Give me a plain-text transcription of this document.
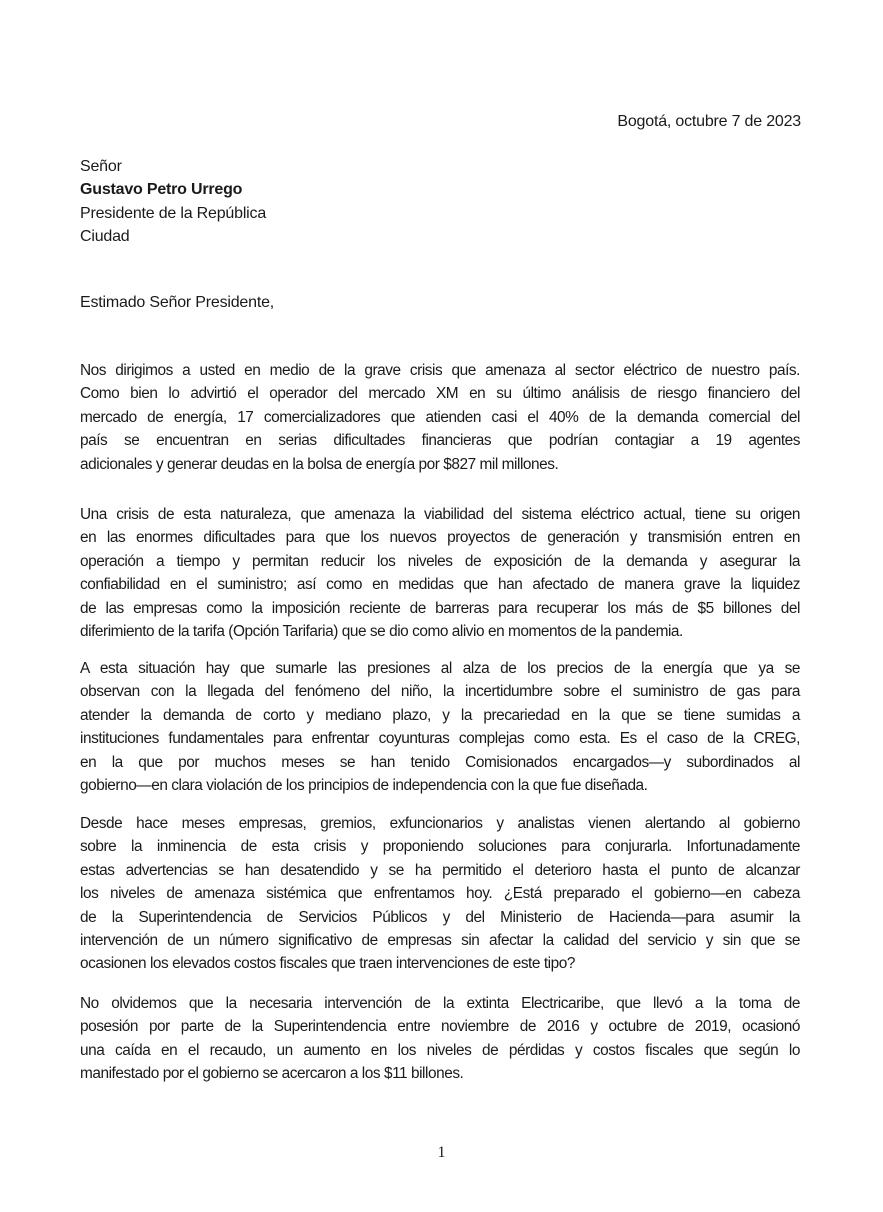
Bogotá, octubre 7 de 2023
Señor
Gustavo Petro Urrego
Presidente de la República
Ciudad
Estimado Señor Presidente,
Nos dirigimos a usted en medio de la grave crisis que amenaza al sector eléctrico de nuestro país.
Como bien lo advirtió el operador del mercado XM en su último análisis de riesgo financiero del
mercado de energía, 17 comercializadores que atienden casi el 40% de la demanda comercial del
país se encuentran en serias dificultades financieras que podrían contagiar a 19 agentes
adicionales y generar deudas en la bolsa de energía por $827 mil millones.
Una crisis de esta naturaleza, que amenaza la viabilidad del sistema eléctrico actual, tiene su origen
en las enormes dificultades para que los nuevos proyectos de generación y transmisión entren en
operación a tiempo y permitan reducir los niveles de exposición de la demanda y asegurar la
confiabilidad en el suministro; así como en medidas que han afectado de manera grave la liquidez
de las empresas como la imposición reciente de barreras para recuperar los más de $5 billones del
diferimiento de la tarifa (Opción Tarifaria) que se dio como alivio en momentos de la pandemia.
A esta situación hay que sumarle las presiones al alza de los precios de la energía que ya se
observan con la llegada del fenómeno del niño, la incertidumbre sobre el suministro de gas para
atender la demanda de corto y mediano plazo, y la precariedad en la que se tiene sumidas a
instituciones fundamentales para enfrentar coyunturas complejas como esta. Es el caso de la CREG,
en la que por muchos meses se han tenido Comisionados encargados—y subordinados al
gobierno—en clara violación de los principios de independencia con la que fue diseñada.
Desde hace meses empresas, gremios, exfuncionarios y analistas vienen alertando al gobierno
sobre la inminencia de esta crisis y proponiendo soluciones para conjurarla. Infortunadamente
estas advertencias se han desatendido y se ha permitido el deterioro hasta el punto de alcanzar
los niveles de amenaza sistémica que enfrentamos hoy. ¿Está preparado el gobierno—en cabeza
de la Superintendencia de Servicios Públicos y del Ministerio de Hacienda—para asumir la
intervención de un número significativo de empresas sin afectar la calidad del servicio y sin que se
ocasionen los elevados costos fiscales que traen intervenciones de este tipo?
No olvidemos que la necesaria intervención de la extinta Electricaribe, que llevó a la toma de
posesión por parte de la Superintendencia entre noviembre de 2016 y octubre de 2019, ocasionó
una caída en el recaudo, un aumento en los niveles de pérdidas y costos fiscales que según lo
manifestado por el gobierno se acercaron a los $11 billones.
1
